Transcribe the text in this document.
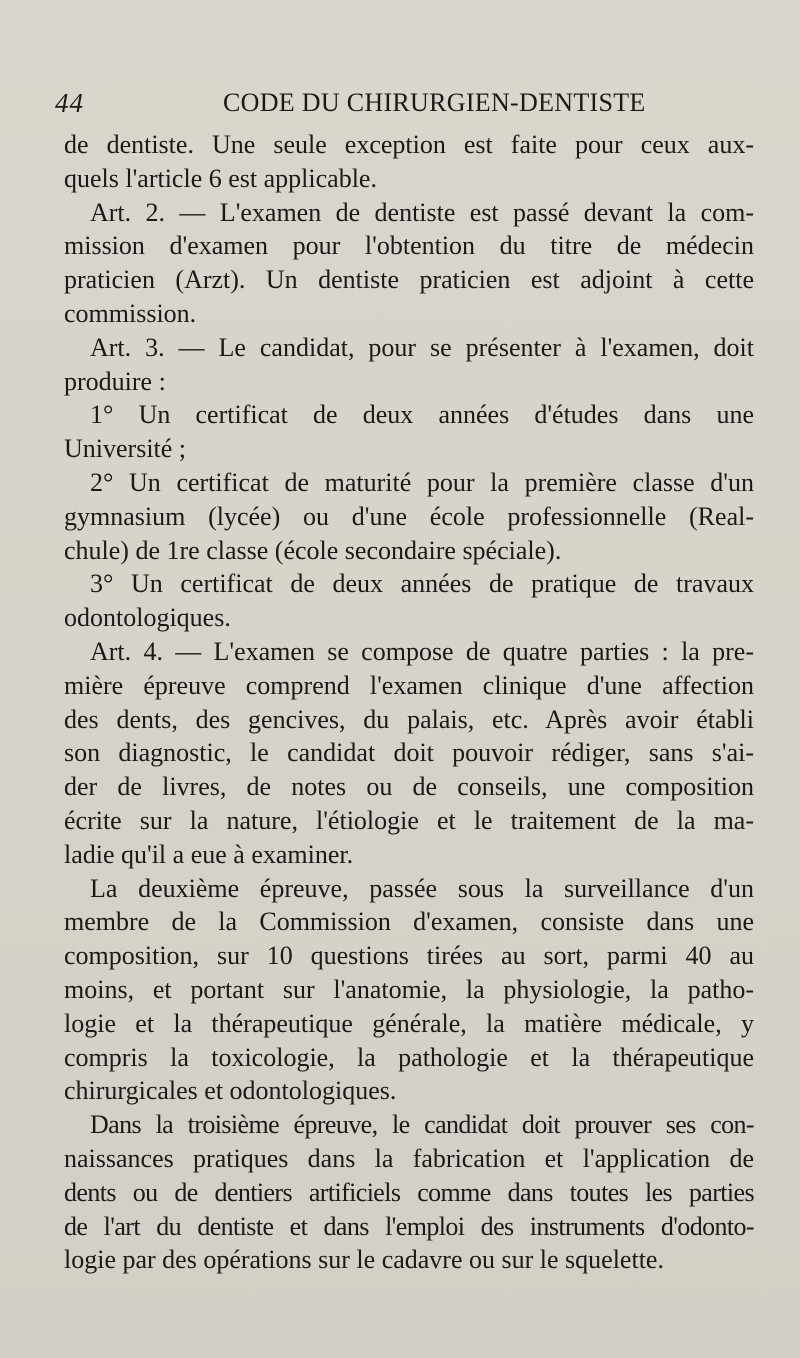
44	CODE DU CHIRURGIEN-DENTISTE
de dentiste. Une seule exception est faite pour ceux aux-
quels l'article 6 est applicable.
Art. 2. — L'examen de dentiste est passé devant la com-
mission d'examen pour l'obtention du titre de médecin
praticien (Arzt). Un dentiste praticien est adjoint à cette
commission.
Art. 3. — Le candidat, pour se présenter à l'examen, doit
produire :
1° Un certificat de deux années d'études dans une
Université ;
2° Un certificat de maturité pour la première classe d'un
gymnasium (lycée) ou d'une école professionnelle (Real-
chule) de 1re classe (école secondaire spéciale).
3° Un certificat de deux années de pratique de travaux
odontologiques.
Art. 4. — L'examen se compose de quatre parties : la pre-
mière épreuve comprend l'examen clinique d'une affection
des dents, des gencives, du palais, etc. Après avoir établi
son diagnostic, le candidat doit pouvoir rédiger, sans s'ai-
der de livres, de notes ou de conseils, une composition
écrite sur la nature, l'étiologie et le traitement de la ma-
ladie qu'il a eue à examiner.
La deuxième épreuve, passée sous la surveillance d'un
membre de la Commission d'examen, consiste dans une
composition, sur 10 questions tirées au sort, parmi 40 au
moins, et portant sur l'anatomie, la physiologie, la patho-
logie et la thérapeutique générale, la matière médicale, y
compris la toxicologie, la pathologie et la thérapeutique
chirurgicales et odontologiques.
Dans la troisième épreuve, le candidat doit prouver ses con-
naissances pratiques dans la fabrication et l'application de
dents ou de dentiers artificiels comme dans toutes les parties
de l'art du dentiste et dans l'emploi des instruments d'odonto-
logie par des opérations sur le cadavre ou sur le squelette.
